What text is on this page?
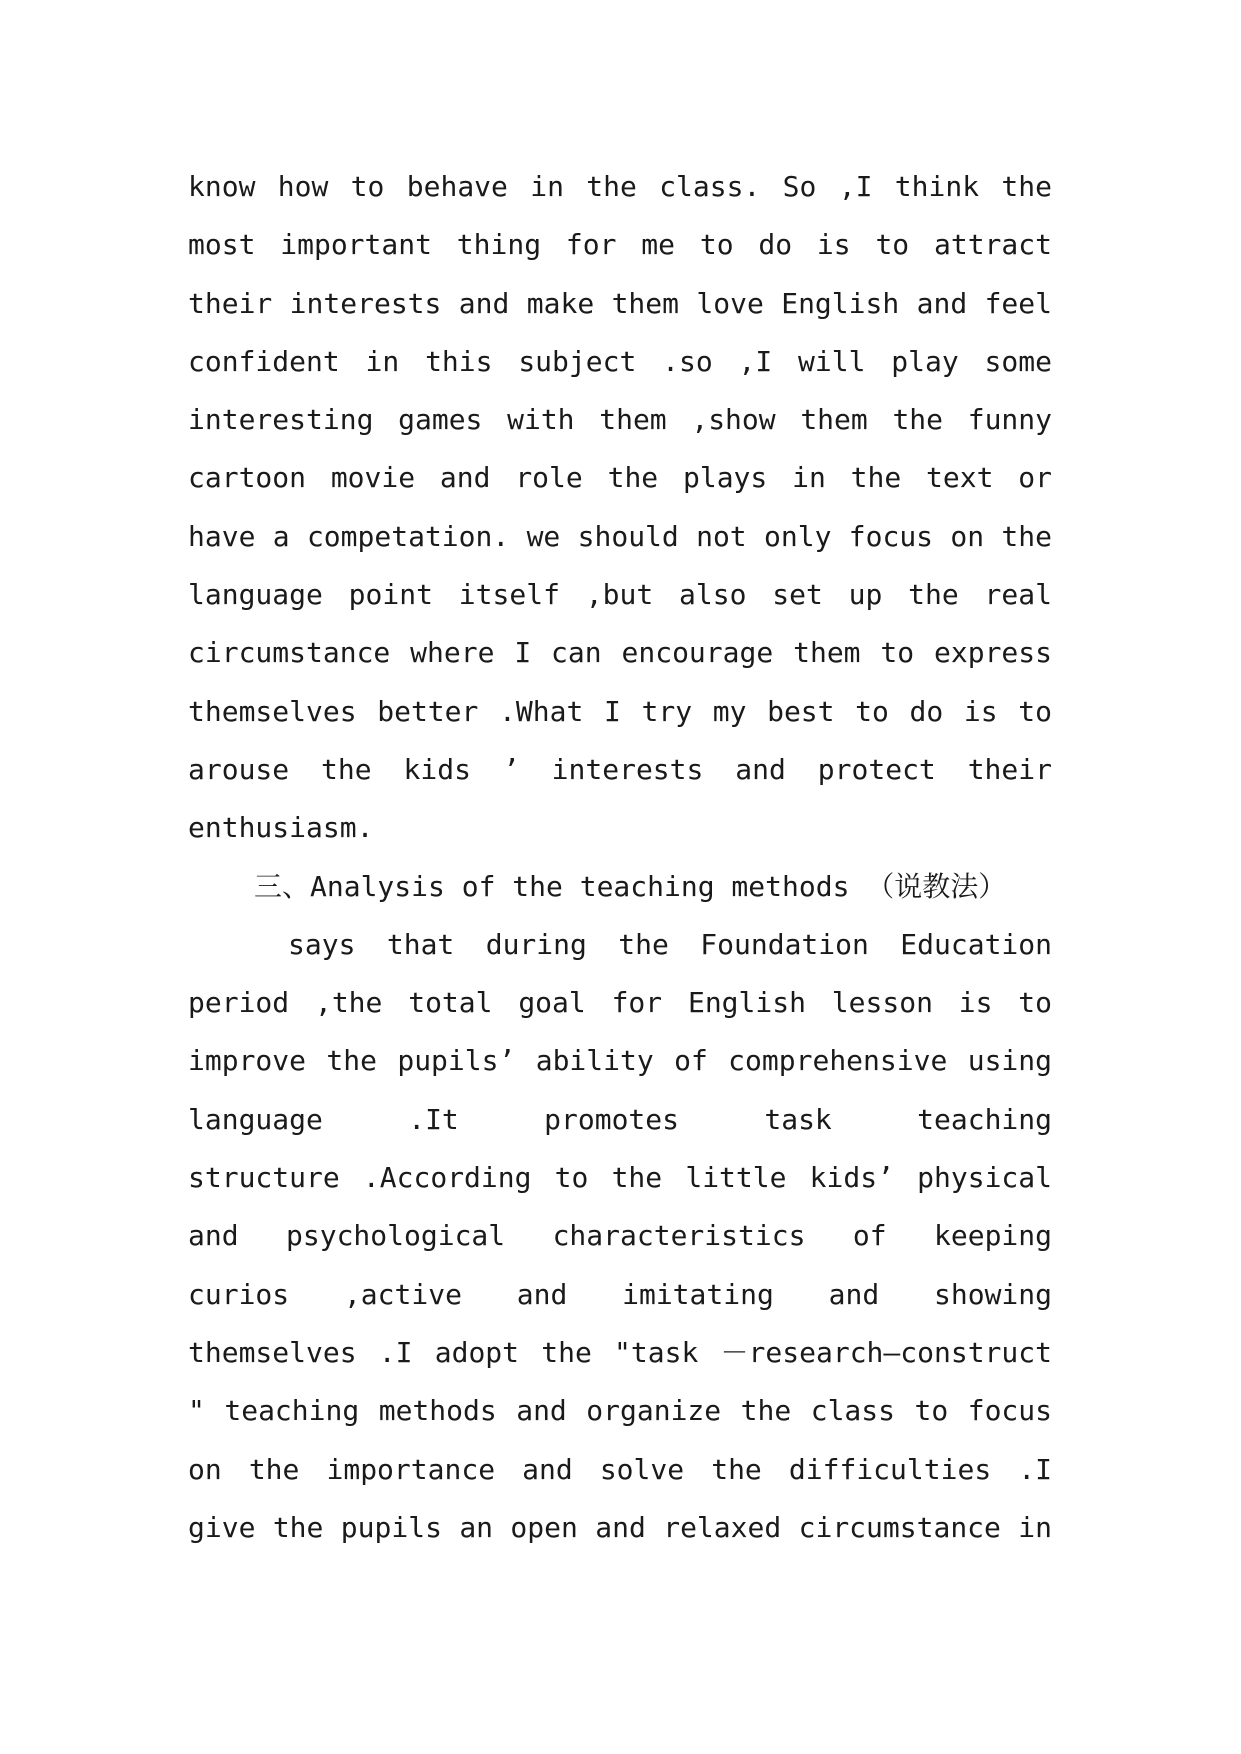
know how to behave in the class. So ,I think the
most important thing for me to do is to attract
their interests and make them love English and feel
confident in this subject .so ,I will play some
interesting games with them ,show them the funny
cartoon movie and role the plays in the text or
have a competation. we should not only focus on the
language point itself ,but also set up the real
circumstance where I can encourage them to express
themselves better .What I try my best to do is to
arouse the kids ’ interests and protect their
enthusiasm.
三、Analysis of the teaching methods （说教法）
says that during the Foundation Education
period ,the total goal for English lesson is to
improve the pupils’ ability of comprehensive using
language .It promotes task teaching
structure .According to the little kids’ physical
and psychological characteristics of keeping
curios ,active and imitating and showing
themselves .I adopt the "task －research—construct
" teaching methods and organize the class to focus
on the importance and solve the difficulties .I
give the pupils an open and relaxed circumstance in
